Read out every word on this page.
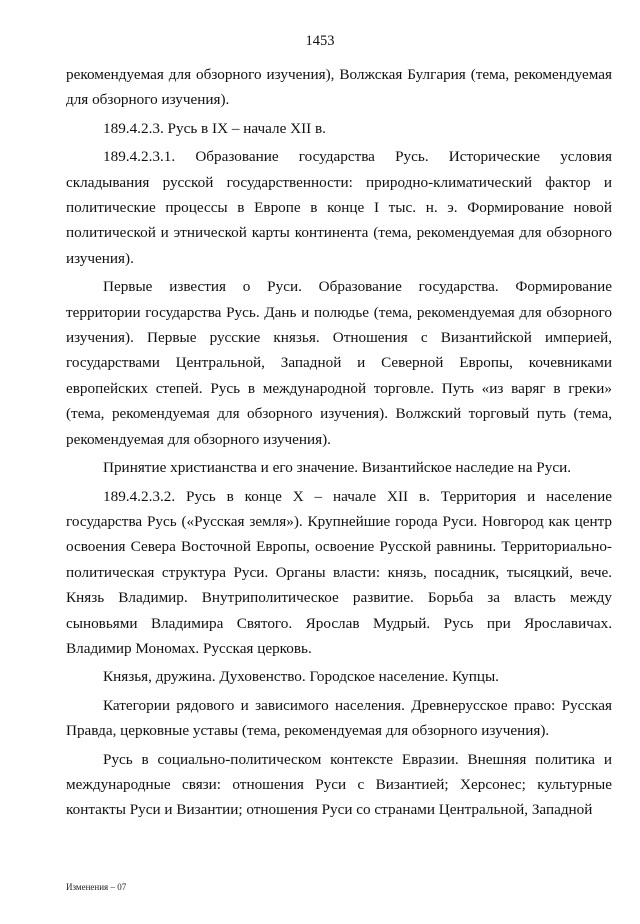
1453

рекомендуемая для обзорного изучения), Волжская Булгария (тема, рекомендуемая для обзорного изучения).

189.4.2.3. Русь в IX – начале XII в.

189.4.2.3.1. Образование государства Русь. Исторические условия складывания русской государственности: природно-климатический фактор и политические процессы в Европе в конце I тыс. н. э. Формирование новой политической и этнической карты континента (тема, рекомендуемая для обзорного изучения).

Первые известия о Руси. Образование государства. Формирование территории государства Русь. Дань и полюдье (тема, рекомендуемая для обзорного изучения). Первые русские князья. Отношения с Византийской империей, государствами Центральной, Западной и Северной Европы, кочевниками европейских степей. Русь в международной торговле. Путь «из варяг в греки» (тема, рекомендуемая для обзорного изучения). Волжский торговый путь (тема, рекомендуемая для обзорного изучения).

Принятие христианства и его значение. Византийское наследие на Руси.

189.4.2.3.2. Русь в конце X – начале XII в. Территория и население государства Русь («Русская земля»). Крупнейшие города Руси. Новгород как центр освоения Севера Восточной Европы, освоение Русской равнины. Территориально-политическая структура Руси. Органы власти: князь, посадник, тысяцкий, вече. Князь Владимир. Внутриполитическое развитие. Борьба за власть между сыновьями Владимира Святого. Ярослав Мудрый. Русь при Ярославичах. Владимир Мономах. Русская церковь.

Князья, дружина. Духовенство. Городское население. Купцы.

Категории рядового и зависимого населения. Древнерусское право: Русская Правда, церковные уставы (тема, рекомендуемая для обзорного изучения).

Русь в социально-политическом контексте Евразии. Внешняя политика и международные связи: отношения Руси с Византией; Херсонес; культурные контакты Руси и Византии; отношения Руси со странами Центральной, Западной

Изменения – 07
